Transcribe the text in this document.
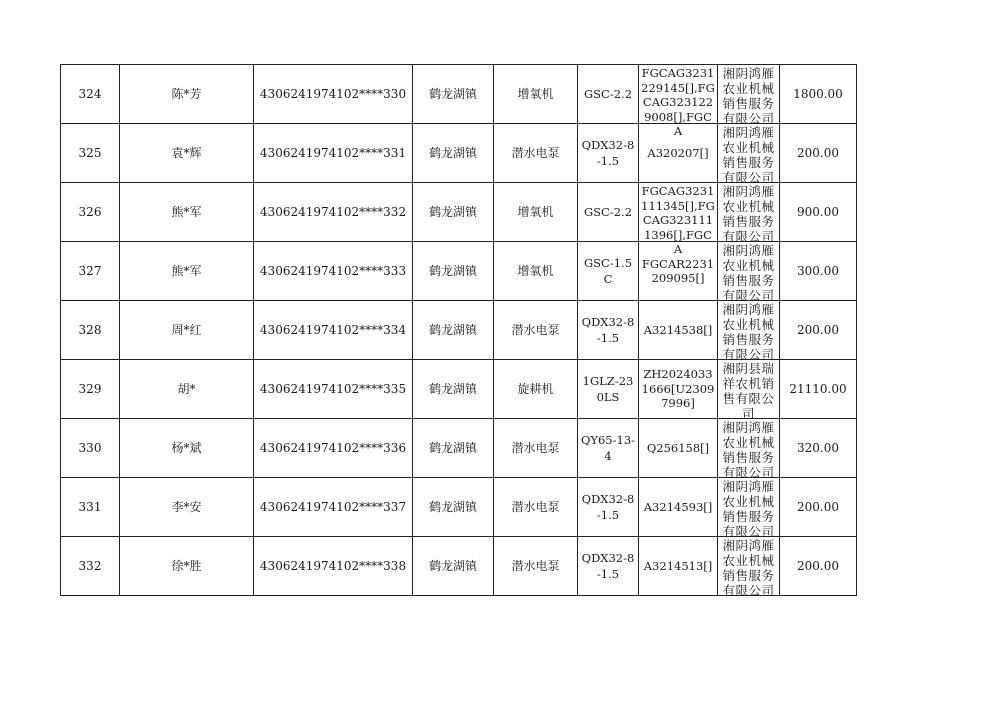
324	陈*芳	4306241974102****330	鹤龙湖镇	增氧机	GSC-2.2	FGCAG3231229145[],FGCAG3231229008[],FGCA	湘阴鸿雁农业机械销售服务有限公司	1800.00

325	袁*辉	4306241974102****331	鹤龙湖镇	潜水电泵	QDX32-8-1.5	A320207[]	湘阴鸿雁农业机械销售服务有限公司	200.00

326	熊*军	4306241974102****332	鹤龙湖镇	增氧机	GSC-2.2	FGCAG3231111345[],FGCAG3231111396[],FGCA	湘阴鸿雁农业机械销售服务有限公司	900.00

327	熊*军	4306241974102****333	鹤龙湖镇	增氧机	GSC-1.5C	FGCAR2231209095[]	湘阴鸿雁农业机械销售服务有限公司	300.00

328	周*红	4306241974102****334	鹤龙湖镇	潜水电泵	QDX32-8-1.5	A3214538[]	湘阴鸿雁农业机械销售服务有限公司	200.00

329	胡*	4306241974102****335	鹤龙湖镇	旋耕机	1GLZ-230LS	ZH20240331666[U23097996]	湘阴县瑞祥农机销售有限公司	21110.00

330	杨*斌	4306241974102****336	鹤龙湖镇	潜水电泵	QY65-13-4	Q256158[]	湘阴鸿雁农业机械销售服务有限公司	320.00

331	李*安	4306241974102****337	鹤龙湖镇	潜水电泵	QDX32-8-1.5	A3214593[]	湘阴鸿雁农业机械销售服务有限公司	200.00

332	徐*胜	4306241974102****338	鹤龙湖镇	潜水电泵	QDX32-8-1.5	A3214513[]	湘阴鸿雁农业机械销售服务有限公司	200.00
